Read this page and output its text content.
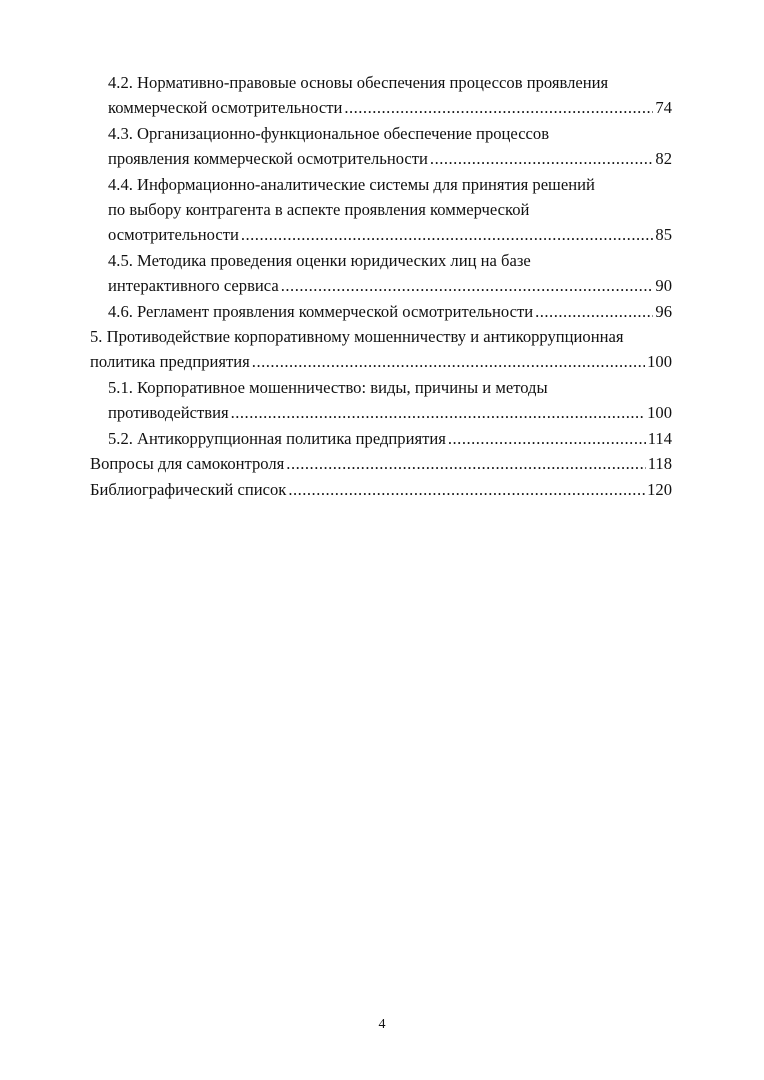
4.2. Нормативно-правовые основы обеспечения процессов проявления
коммерческой осмотрительности .....	74
4.3. Организационно-функциональное обеспечение процессов
проявления коммерческой осмотрительности .....	82
4.4. Информационно-аналитические системы для принятия решений
по выбору контрагента в аспекте проявления коммерческой
осмотрительности .....	85
4.5. Методика проведения оценки юридических лиц на базе
интерактивного сервиса .....	90
4.6. Регламент проявления коммерческой осмотрительности .....	96
5. Противодействие корпоративному мошенничеству и антикоррупционная
политика предприятия .....	100
5.1. Корпоративное мошенничество: виды, причины и методы
противодействия .....	100
5.2. Антикоррупционная политика предприятия .....	114
Вопросы для самоконтроля .....	118
Библиографический список .....	120
4
